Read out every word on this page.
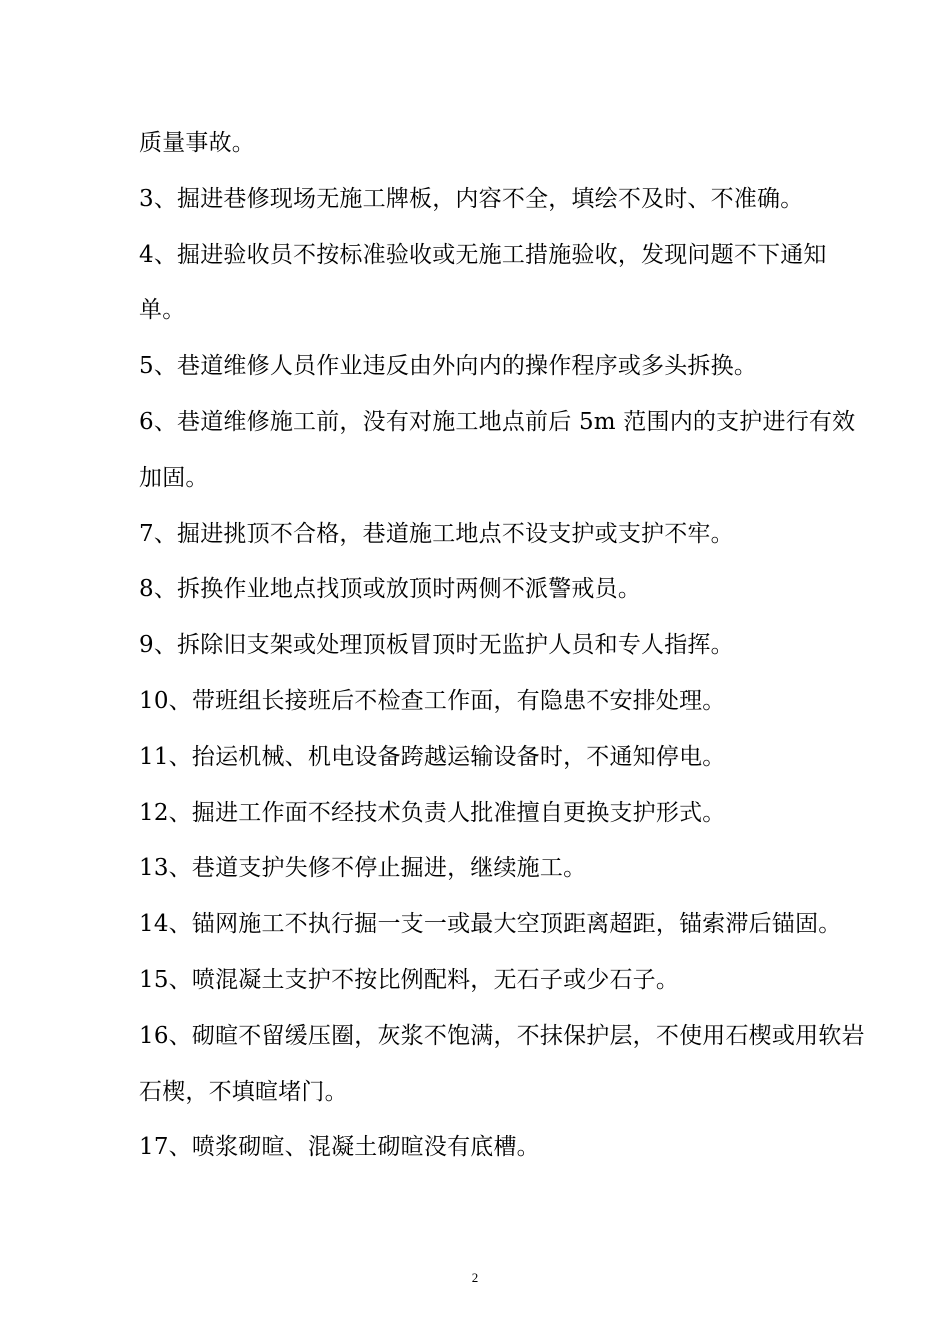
质量事故。

3、掘进巷修现场无施工牌板，内容不全，填绘不及时、不准确。

4、掘进验收员不按标准验收或无施工措施验收，发现问题不下通知单。

5、巷道维修人员作业违反由外向内的操作程序或多头拆换。

6、巷道维修施工前，没有对施工地点前后 5m 范围内的支护进行有效加固。

7、掘进挑顶不合格，巷道施工地点不设支护或支护不牢。

8、拆换作业地点找顶或放顶时两侧不派警戒员。

9、拆除旧支架或处理顶板冒顶时无监护人员和专人指挥。

10、带班组长接班后不检查工作面，有隐患不安排处理。

11、抬运机械、机电设备跨越运输设备时，不通知停电。

12、掘进工作面不经技术负责人批准擅自更换支护形式。

13、巷道支护失修不停止掘进，继续施工。

14、锚网施工不执行掘一支一或最大空顶距离超距，锚索滞后锚固。

15、喷混凝土支护不按比例配料，无石子或少石子。

16、砌暄不留缓压圈，灰浆不饱满，不抹保护层，不使用石楔或用软岩石楔，不填暄堵门。

17、喷浆砌暄、混凝土砌暄没有底槽。

2
